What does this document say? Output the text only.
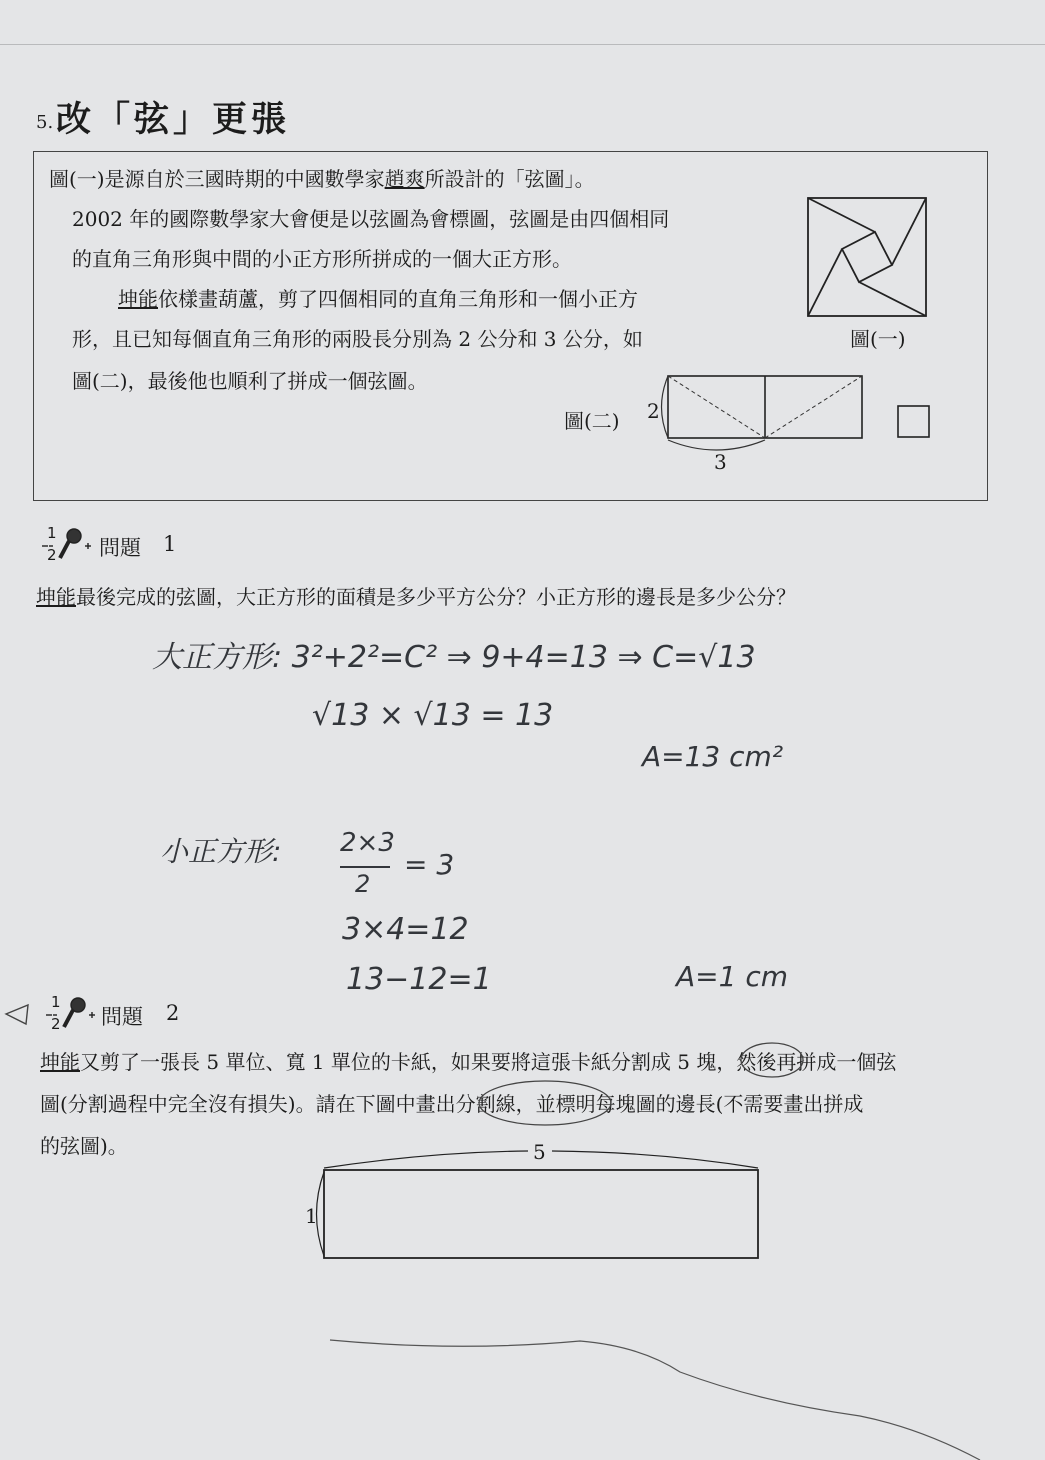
5. 改「弦」更張
圖(一)是源自於三國時期的中國數學家趙爽所設計的「弦圖」。
2002 年的國際數學家大會便是以弦圖為會標圖，弦圖是由四個相同
的直角三角形與中間的小正方形所拼成的一個大正方形。
坤能依樣畫葫蘆，剪了四個相同的直角三角形和一個小正方
形，且已知每個直角三角形的兩股長分別為 2 公分和 3 公分，如
圖(二)，最後他也順利了拼成一個弦圖。
圖(一)
圖(二) 2
3
1
2 問題 1
坤能最後完成的弦圖，大正方形的面積是多少平方公分？小正方形的邊長是多少公分？
大正方形: 3²+2²=C² ⇒ 9+4=13 ⇒ C=√13
√13 × √13 = 13
A=13 cm²
小正方形: 2×3
2
= 3
3×4=12
13−12=1	A=1 cm
1
2 問題 2
坤能又剪了一張長 5 單位、寬 1 單位的卡紙，如果要將這張卡紙分割成 5 塊，然後再拼成一個弦
圖(分割過程中完全沒有損失)。請在下圖中畫出分割線，並標明每塊圖的邊長(不需要畫出拼成
的弦圖)。	5
1
